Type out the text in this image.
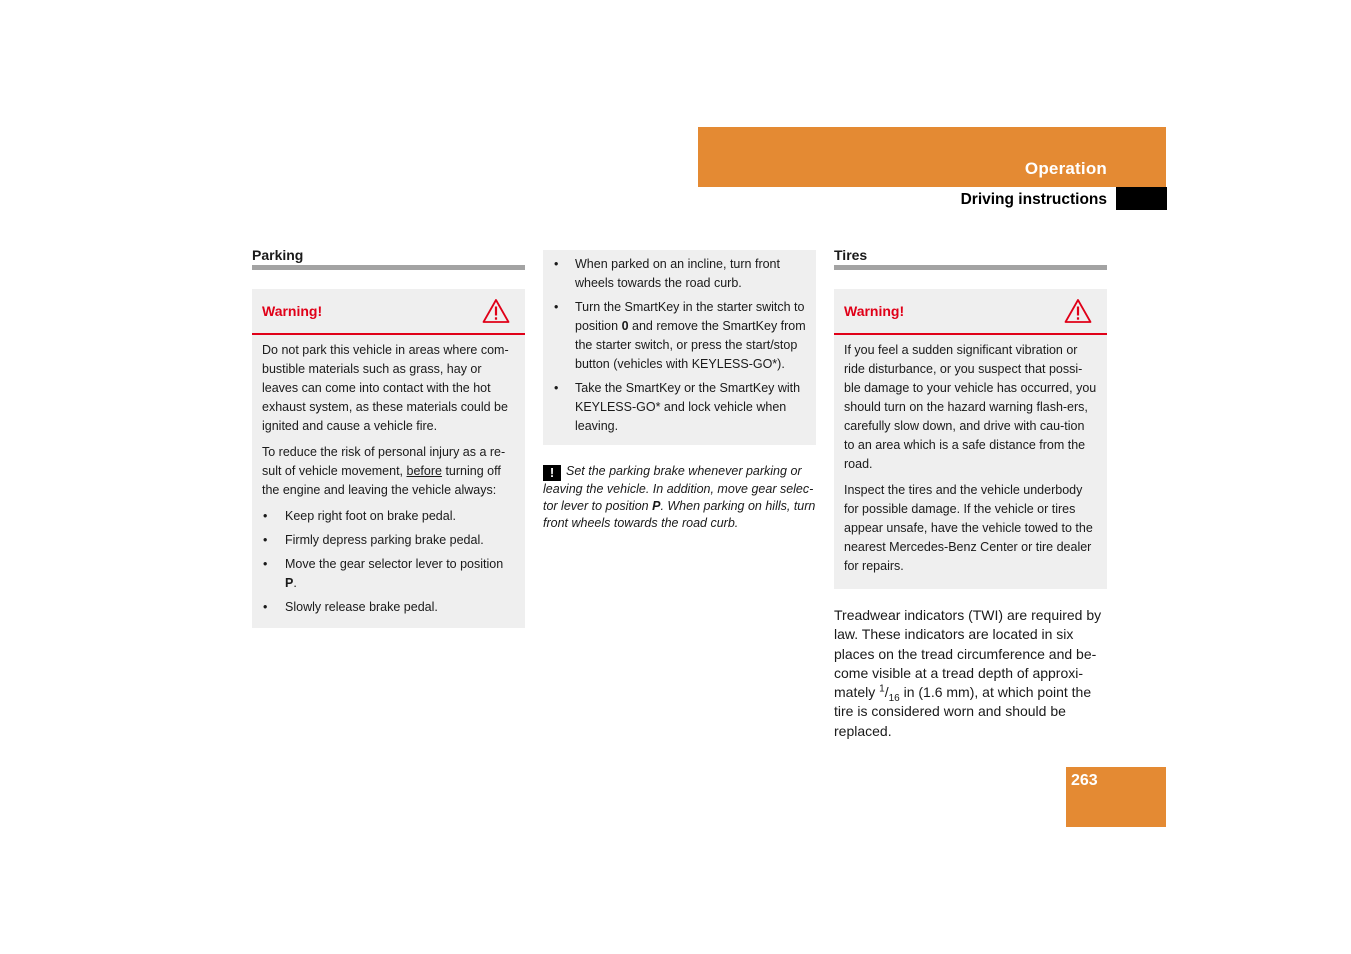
Operation
Driving instructions
Parking
Warning!

Do not park this vehicle in areas where com-bustible materials such as grass, hay or leaves can come into contact with the hot exhaust system, as these materials could be ignited and cause a vehicle fire.

To reduce the risk of personal injury as a re-sult of vehicle movement, before turning off the engine and leaving the vehicle always:

• Keep right foot on brake pedal.
• Firmly depress parking brake pedal.
• Move the gear selector lever to position P.
• Slowly release brake pedal.
• When parked on an incline, turn front wheels towards the road curb.
• Turn the SmartKey in the starter switch to position 0 and remove the SmartKey from the starter switch, or press the start/stop button (vehicles with KEYLESS-GO*).
• Take the SmartKey or the SmartKey with KEYLESS-GO* and lock vehicle when leaving.
! Set the parking brake whenever parking or leaving the vehicle. In addition, move gear selec-tor lever to position P. When parking on hills, turn front wheels towards the road curb.
Tires
Warning!

If you feel a sudden significant vibration or ride disturbance, or you suspect that possi-ble damage to your vehicle has occurred, you should turn on the hazard warning flash-ers, carefully slow down, and drive with cau-tion to an area which is a safe distance from the road.

Inspect the tires and the vehicle underbody for possible damage. If the vehicle or tires appear unsafe, have the vehicle towed to the nearest Mercedes-Benz Center or tire dealer for repairs.

Treadwear indicators (TWI) are required by law. These indicators are located in six places on the tread circumference and be-come visible at a tread depth of approxi-mately $^1/_{16}$ in (1.6 mm), at which point the tire is considered worn and should be replaced.
263
